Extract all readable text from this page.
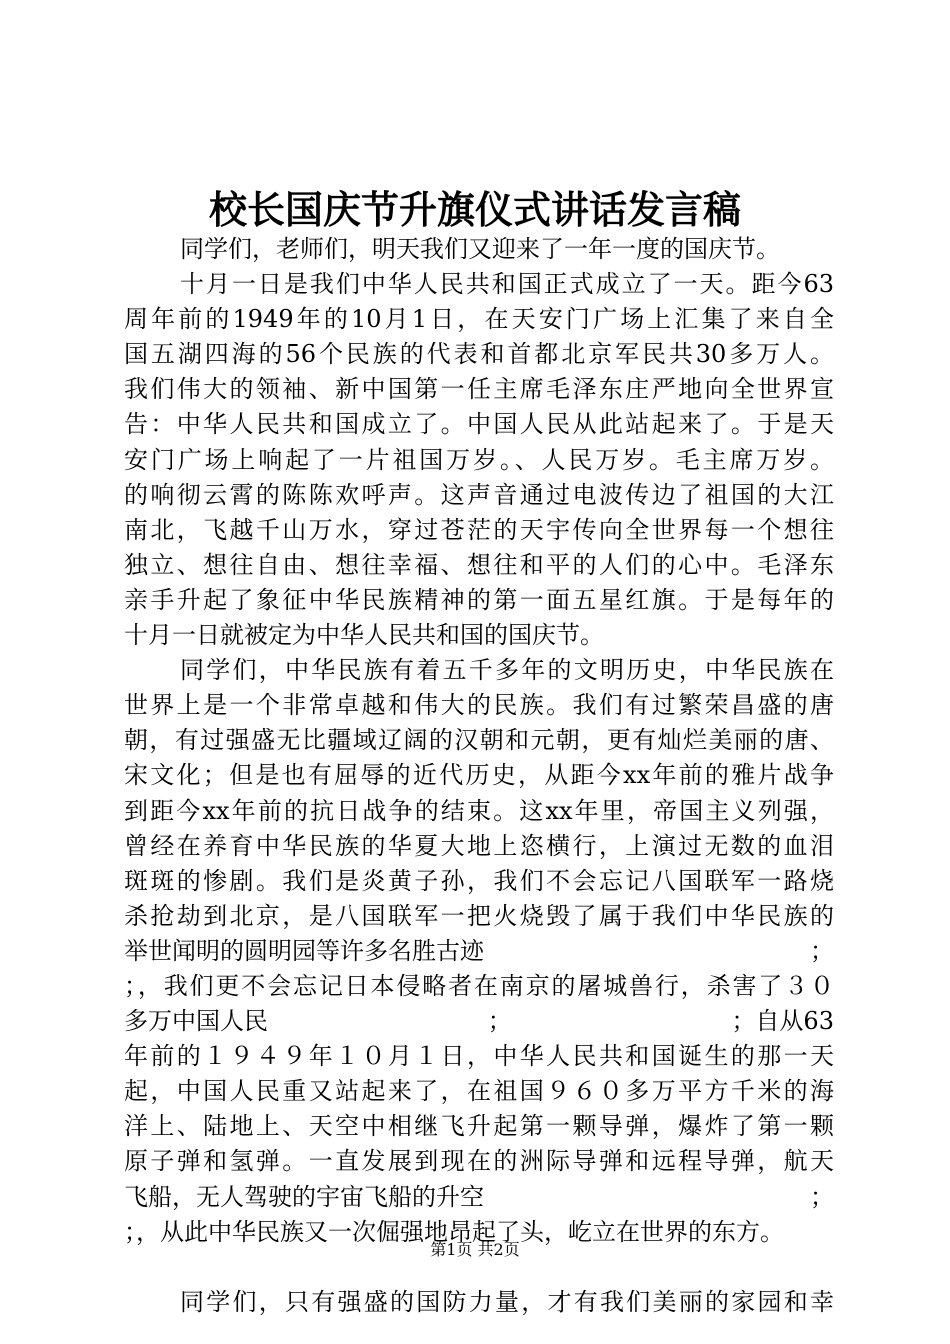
校长国庆节升旗仪式讲话发言稿
同学们，老师们，明天我们又迎来了一年一度的国庆节。
十月一日是我们中华人民共和国正式成立了一天。距今63
周年前的1949年的10月1日，在天安门广场上汇集了来自全
国五湖四海的56个民族的代表和首都北京军民共30多万人。
我们伟大的领袖、新中国第一任主席毛泽东庄严地向全世界宣
告：中华人民共和国成立了。中国人民从此站起来了。于是天
安门广场上响起了一片祖国万岁。、人民万岁。毛主席万岁。
的响彻云霄的陈陈欢呼声。这声音通过电波传边了祖国的大江
南北，飞越千山万水，穿过苍茫的天宇传向全世界每一个想往
独立、想往自由、想往幸福、想往和平的人们的心中。毛泽东
亲手升起了象征中华民族精神的第一面五星红旗。于是每年的
十月一日就被定为中华人民共和国的国庆节。
同学们，中华民族有着五千多年的文明历史，中华民族在
世界上是一个非常卓越和伟大的民族。我们有过繁荣昌盛的唐
朝，有过强盛无比疆域辽阔的汉朝和元朝，更有灿烂美丽的唐、
宋文化；但是也有屈辱的近代历史，从距今xx年前的雅片战争
到距今xx年前的抗日战争的结束。这xx年里，帝国主义列强，
曾经在养育中华民族的华夏大地上恣横行，上演过无数的血泪
斑斑的惨剧。我们是炎黄子孙，我们不会忘记八国联军一路烧
杀抢劫到北京，是八国联军一把火烧毁了属于我们中华民族的
举世闻明的圆明园等许多名胜古迹	；
；，我们更不会忘记日本侵略者在南京的屠城兽行，杀害了３０
多万中国人民	；	；自从63
年前的１９４９年１０月１日，中华人民共和国诞生的那一天
起，中国人民重又站起来了，在祖国９６０多万平方千米的海
洋上、陆地上、天空中相继飞升起第一颗导弹，爆炸了第一颗
原子弹和氢弹。一直发展到现在的洲际导弹和远程导弹，航天
飞船，无人驾驶的宇宙飞船的升空	；
；，从此中华民族又一次倔强地昂起了头，屹立在世界的东方。
同学们，只有强盛的国防力量，才有我们美丽的家园和幸
第1页 共2页
